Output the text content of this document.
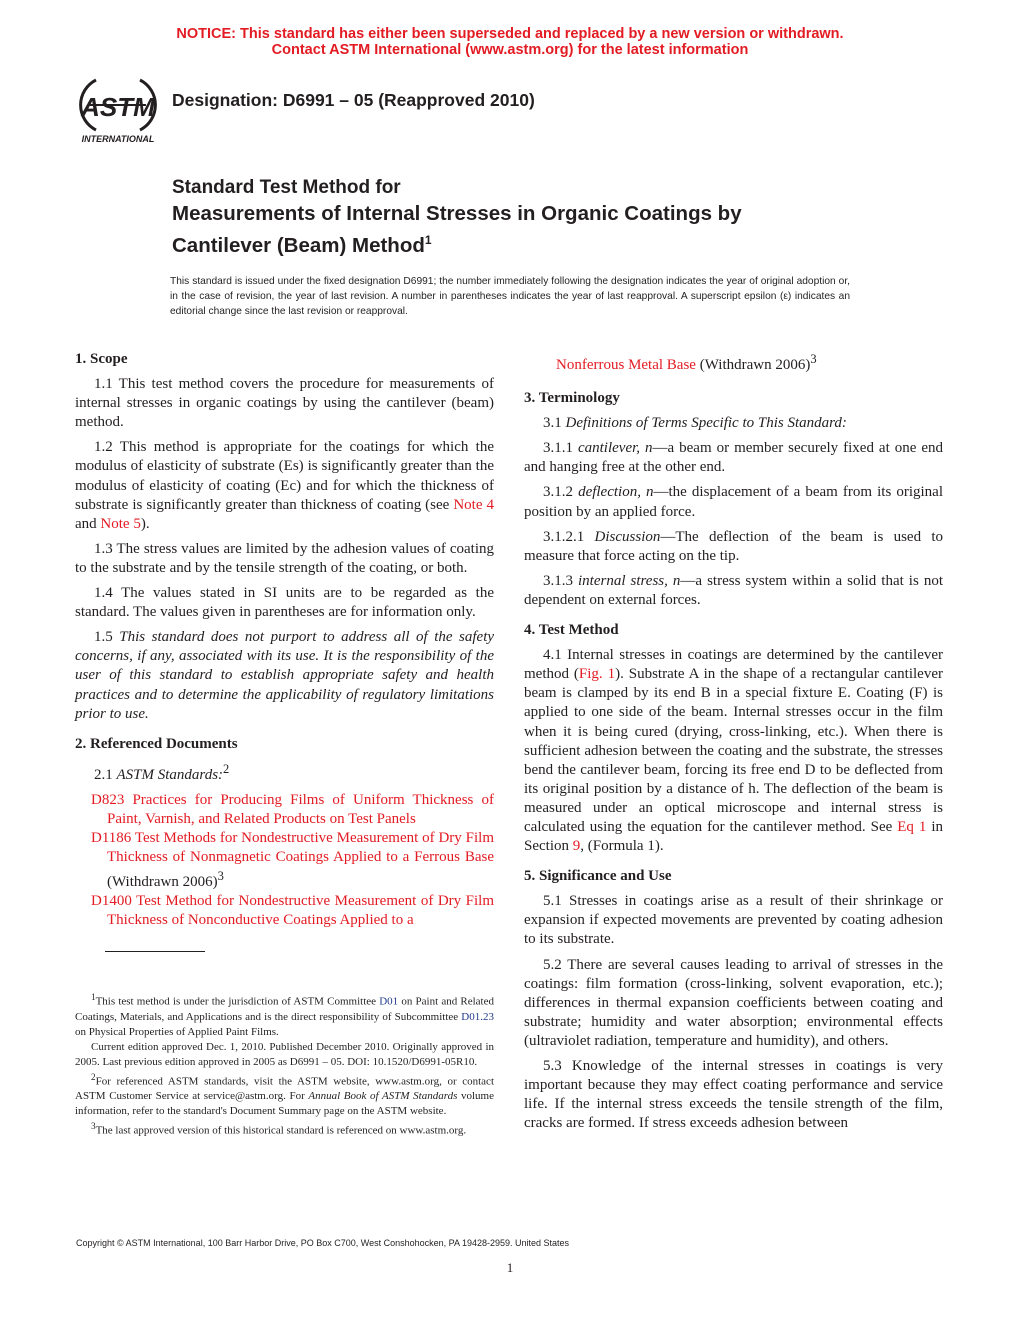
NOTICE: This standard has either been superseded and replaced by a new version or withdrawn.
Contact ASTM International (www.astm.org) for the latest information
ASTM
INTERNATIONAL
Designation: D6991 – 05 (Reapproved 2010)
Standard Test Method for
Measurements of Internal Stresses in Organic Coatings by
Cantilever (Beam) Method$^1$
This standard is issued under the fixed designation D6991; the number immediately following the designation indicates the year of original adoption or, in the case of revision, the year of last revision. A number in parentheses indicates the year of last reapproval. A superscript epsilon (ε) indicates an editorial change since the last revision or reapproval.
1. Scope

1.1 This test method covers the procedure for measurements of internal stresses in organic coatings by using the cantilever (beam) method.

1.2 This method is appropriate for the coatings for which the modulus of elasticity of substrate (Es) is significantly greater than the modulus of elasticity of coating (Ec) and for which the thickness of substrate is significantly greater than thickness of coating (see Note 4 and Note 5).

1.3 The stress values are limited by the adhesion values of coating to the substrate and by the tensile strength of the coating, or both.

1.4 The values stated in SI units are to be regarded as the standard. The values given in parentheses are for information only.

1.5 This standard does not purport to address all of the safety concerns, if any, associated with its use. It is the responsibility of the user of this standard to establish appropriate safety and health practices and to determine the applicability of regulatory limitations prior to use.

2. Referenced Documents

2.1 ASTM Standards:$^2$

D823 Practices for Producing Films of Uniform Thickness of Paint, Varnish, and Related Products on Test Panels
D1186 Test Methods for Nondestructive Measurement of Dry Film Thickness of Nonmagnetic Coatings Applied to a Ferrous Base (Withdrawn 2006)$^3$
D1400 Test Method for Nondestructive Measurement of Dry Film Thickness of Nonconductive Coatings Applied to a

$^1$This test method is under the jurisdiction of ASTM Committee D01 on Paint and Related Coatings, Materials, and Applications and is the direct responsibility of Subcommittee D01.23 on Physical Properties of Applied Paint Films.

Current edition approved Dec. 1, 2010. Published December 2010. Originally approved in 2005. Last previous edition approved in 2005 as D6991 – 05. DOI: 10.1520/D6991-05R10.

$^2$For referenced ASTM standards, visit the ASTM website, www.astm.org, or contact ASTM Customer Service at service@astm.org. For Annual Book of ASTM Standards volume information, refer to the standard's Document Summary page on the ASTM website.

$^3$The last approved version of this historical standard is referenced on www.astm.org.

Nonferrous Metal Base (Withdrawn 2006)$^3$

3. Terminology

3.1 Definitions of Terms Specific to This Standard:

3.1.1 cantilever, n—a beam or member securely fixed at one end and hanging free at the other end.

3.1.2 deflection, n—the displacement of a beam from its original position by an applied force.

3.1.2.1 Discussion—The deflection of the beam is used to measure that force acting on the tip.

3.1.3 internal stress, n—a stress system within a solid that is not dependent on external forces.

4. Test Method

4.1 Internal stresses in coatings are determined by the cantilever method (Fig. 1). Substrate A in the shape of a rectangular cantilever beam is clamped by its end B in a special fixture E. Coating (F) is applied to one side of the beam. Internal stresses occur in the film when it is being cured (drying, cross-linking, etc.). When there is sufficient adhesion between the coating and the substrate, the stresses bend the cantilever beam, forcing its free end D to be deflected from its original position by a distance of h. The deflection of the beam is measured under an optical microscope and internal stress is calculated using the equation for the cantilever method. See Eq 1 in Section 9, (Formula 1).

5. Significance and Use

5.1 Stresses in coatings arise as a result of their shrinkage or expansion if expected movements are prevented by coating adhesion to its substrate.

5.2 There are several causes leading to arrival of stresses in the coatings: film formation (cross-linking, solvent evaporation, etc.); differences in thermal expansion coefficients between coating and substrate; humidity and water absorption; environmental effects (ultraviolet radiation, temperature and humidity), and others.

5.3 Knowledge of the internal stresses in coatings is very important because they may effect coating performance and service life. If the internal stress exceeds the tensile strength of the film, cracks are formed. If stress exceeds adhesion between

Copyright © ASTM International, 100 Barr Harbor Drive, PO Box C700, West Conshohocken, PA 19428-2959. United States
1
